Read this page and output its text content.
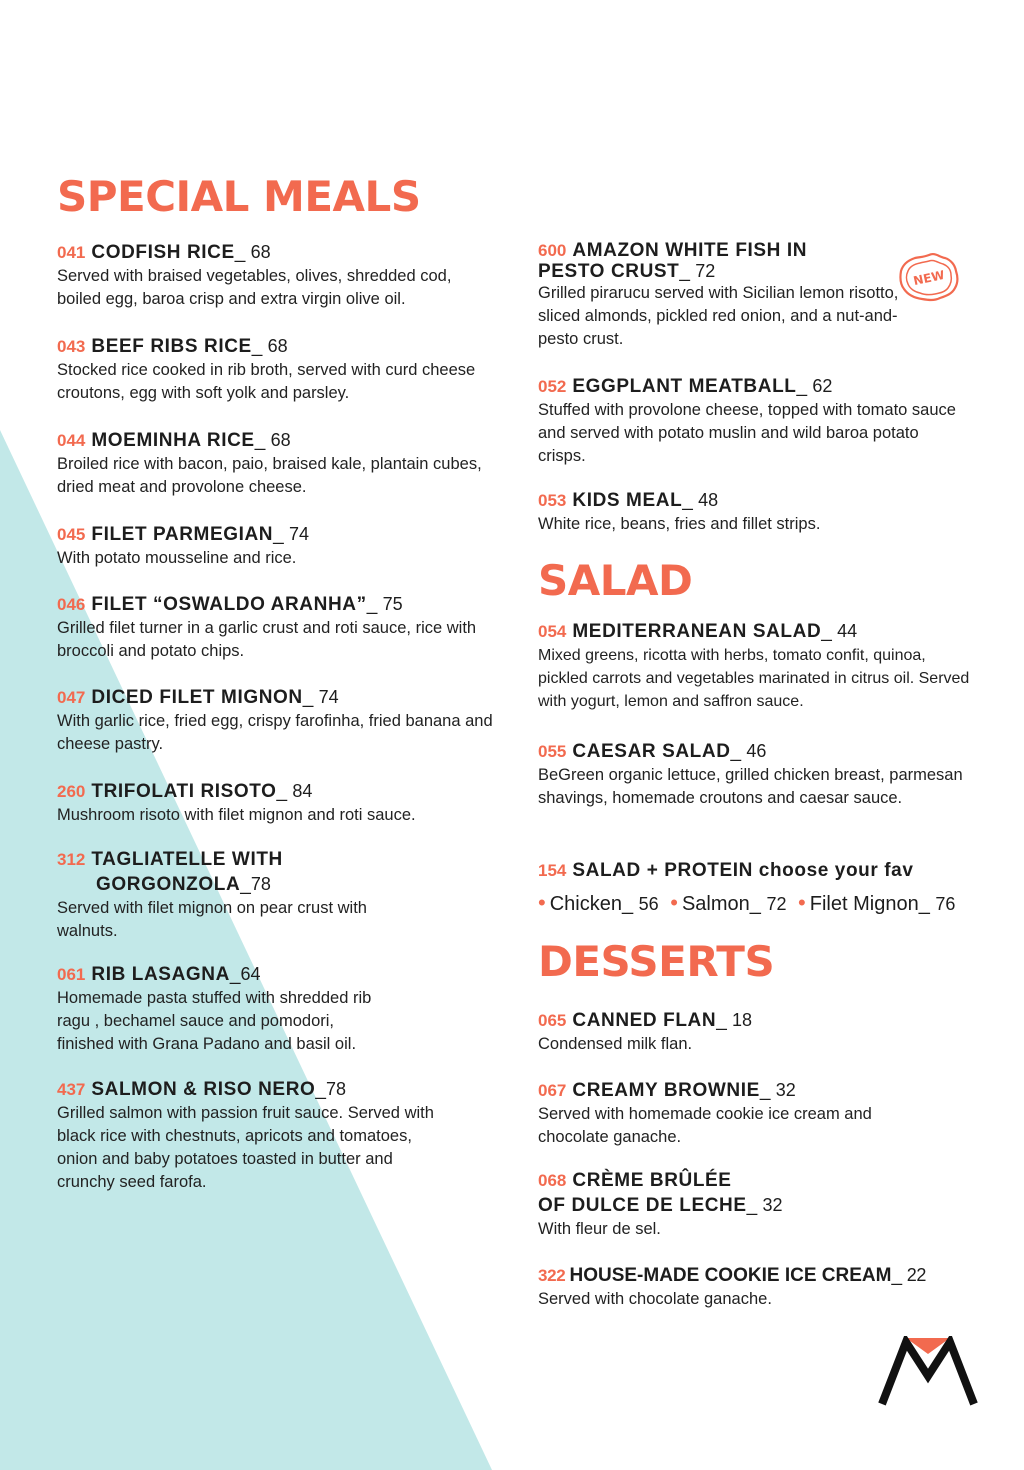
SPECIAL MEALS
041 CODFISH RICE_ 68

Served with braised vegetables, olives, shredded cod, boiled egg, baroa crisp and extra virgin olive oil.

043 BEEF RIBS RICE_ 68

Stocked rice cooked in rib broth, served with curd cheese croutons, egg with soft yolk and parsley.

044 MOEMINHA RICE_ 68

Broiled rice with bacon, paio, braised kale, plantain cubes, dried meat and provolone cheese.

045 FILET PARMEGIAN_ 74

With potato mousseline and rice.

046 FILET “OSWALDO ARANHA”_ 75

Grilled filet turner in a garlic crust and roti sauce, rice with broccoli and potato chips.

047 DICED FILET MIGNON_ 74

With garlic rice, fried egg, crispy farofinha, fried banana and cheese pastry.

260 TRIFOLATI RISOTO_ 84

Mushroom risoto with filet mignon and roti sauce.

312 TAGLIATELLE WITH
GORGONZOLA_78

Served with filet mignon on pear crust with walnuts.

061 RIB LASAGNA_64

Homemade pasta stuffed with shredded rib ragu , bechamel sauce and pomodori, finished with Grana Padano and basil oil.

437 SALMON & RISO NERO_78

Grilled salmon with passion fruit sauce. Served with black rice with chestnuts, apricots and tomatoes, onion and baby potatoes toasted in butter and crunchy seed farofa.

600 AMAZON WHITE FISH IN
PESTO CRUST_ 72

Grilled pirarucu served with Sicilian lemon risotto, sliced almonds, pickled red onion, and a nut-and-pesto crust.

052 EGGPLANT MEATBALL_ 62

Stuffed with provolone cheese, topped with tomato sauce and served with potato muslin and wild baroa potato crisps.

053 KIDS MEAL_ 48

White rice, beans, fries and fillet strips.

SALAD
054 MEDITERRANEAN SALAD_ 44

Mixed greens, ricotta with herbs, tomato confit, quinoa, pickled carrots and vegetables marinated in citrus oil. Served with yogurt, lemon and saffron sauce.

055 CAESAR SALAD_ 46

BeGreen organic lettuce, grilled chicken breast, parmesan shavings, homemade croutons and caesar sauce.

154 SALAD + PROTEIN choose your fav
• Chicken_ 56 • Salmon_ 72 • Filet Mignon_ 76
DESSERTS
065 CANNED FLAN_ 18

Condensed milk flan.

067 CREAMY BROWNIE_ 32

Served with homemade cookie ice cream and chocolate ganache.

068 CRÈME BRÛLÉE
OF DULCE DE LECHE_ 32

With fleur de sel.

322 HOUSE-MADE COOKIE ICE CREAM_ 22

Served with chocolate ganache.

NEW
